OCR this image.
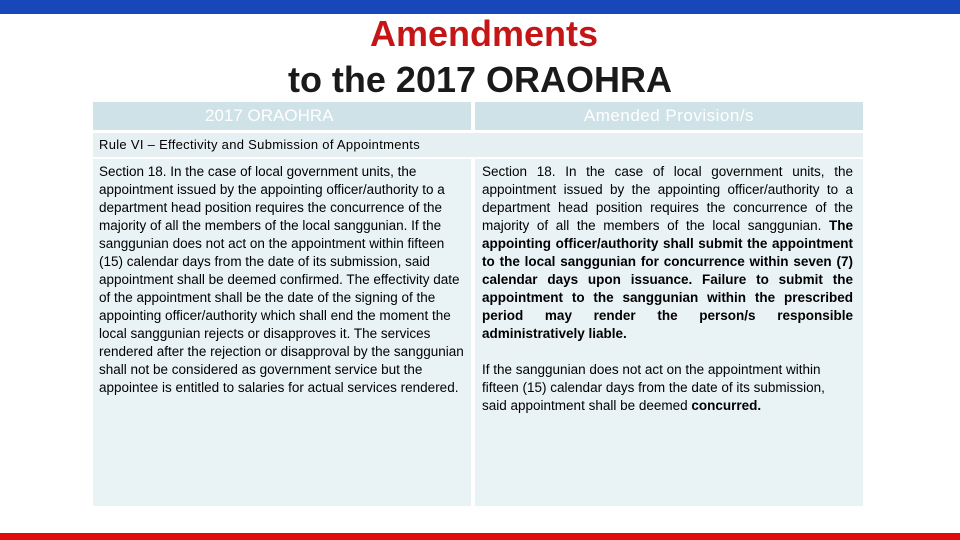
Amendments
to the 2017 ORAOHRA
2017 ORAOHRA	Amended Provision/s
Rule VI – Effectivity and Submission of Appointments

Section 18. In the case of local government units, the appointment issued by the appointing officer/authority to a department head position requires the concurrence of the majority of all the members of the local sanggunian. If the sanggunian does not act on the appointment within fifteen (15) calendar days from the date of its submission, said appointment shall be deemed confirmed. The effectivity date of the appointment shall be the date of the signing of the appointing officer/authority which shall end the moment the local sanggunian rejects or disapproves it. The services rendered after the rejection or disapproval by the sanggunian shall not be considered as government service but the appointee is entitled to salaries for actual services rendered.

Section 18. In the case of local government units, the appointment issued by the appointing officer/authority to a department head position requires the concurrence of the majority of all the members of the local sanggunian. The appointing officer/authority shall submit the appointment to the local sanggunian for concurrence within seven (7) calendar days upon issuance. Failure to submit the appointment to the sanggunian within the prescribed period may render the person/s responsible administratively liable.

If the sanggunian does not act on the appointment within fifteen (15) calendar days from the date of its submission, said appointment shall be deemed concurred.
